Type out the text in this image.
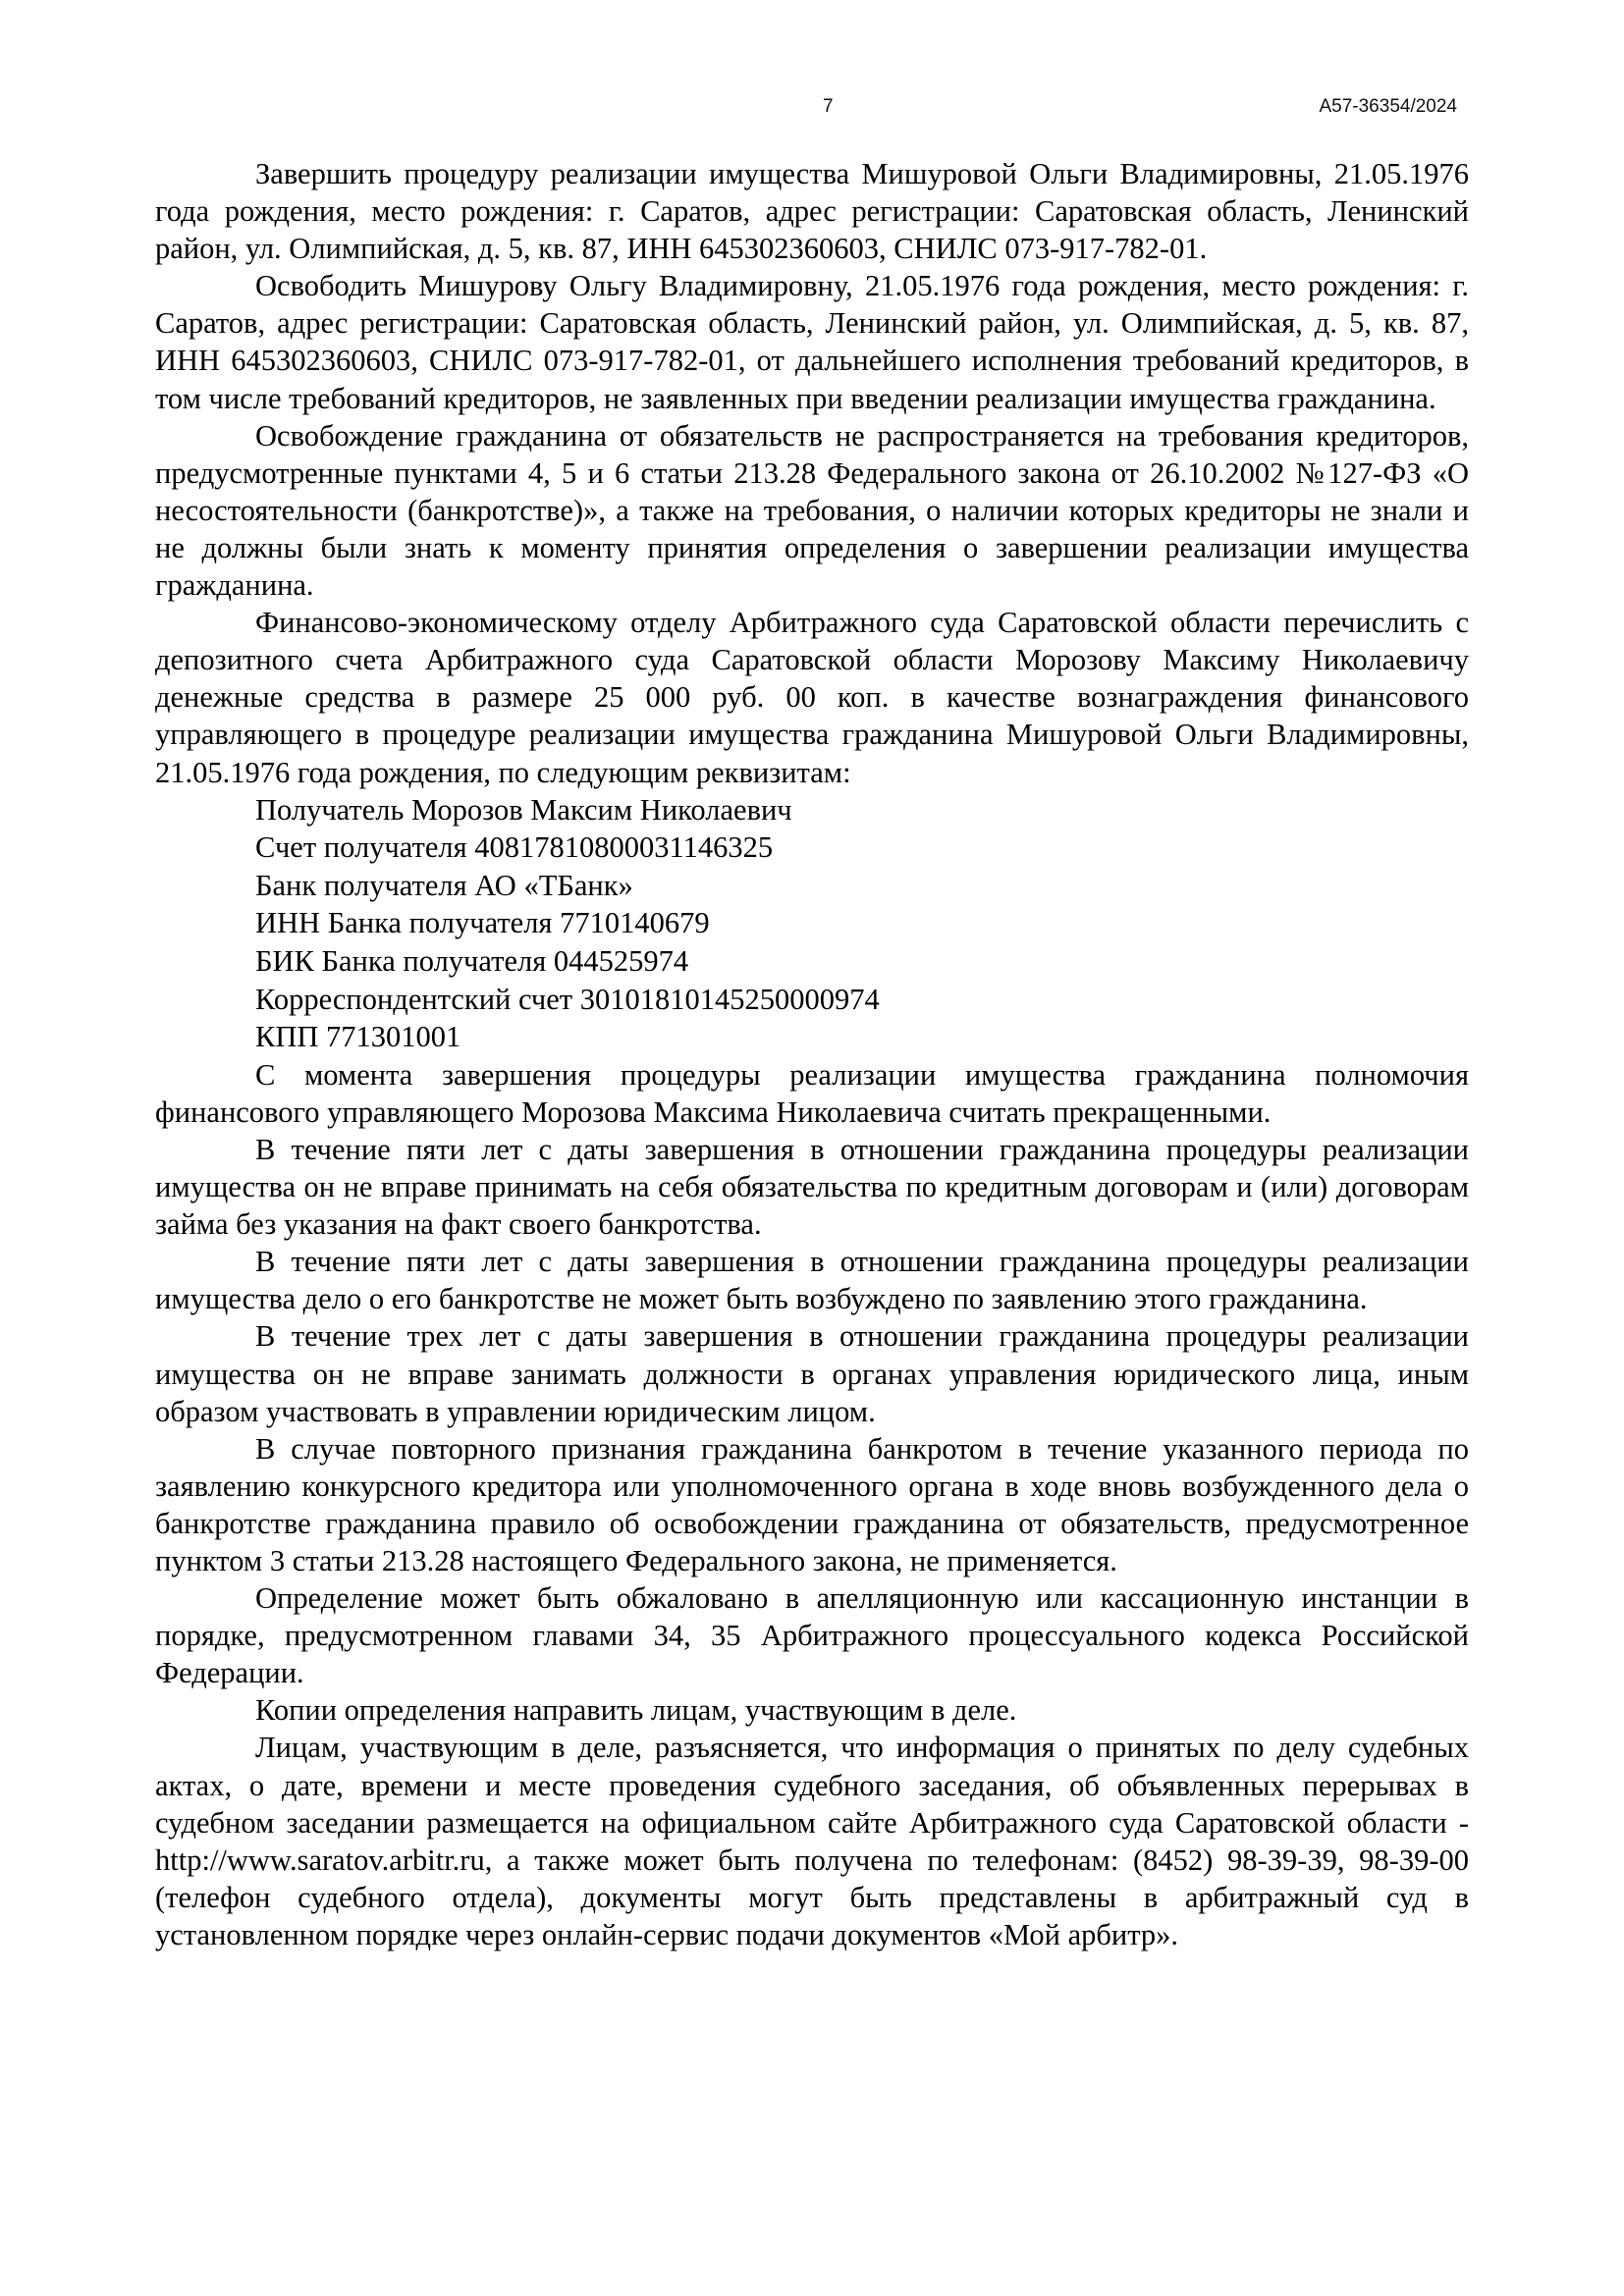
7	А57-36354/2024

Завершить процедуру реализации имущества Мишуровой Ольги Владимировны, 21.05.1976 года рождения, место рождения: г. Саратов, адрес регистрации: Саратовская область, Ленинский район, ул. Олимпийская, д. 5, кв. 87, ИНН 645302360603, СНИЛС 073-917-782-01.

Освободить Мишурову Ольгу Владимировну, 21.05.1976 года рождения, место рождения: г. Саратов, адрес регистрации: Саратовская область, Ленинский район, ул. Олимпийская, д. 5, кв. 87, ИНН 645302360603, СНИЛС 073-917-782-01, от дальнейшего исполнения требований кредиторов, в том числе требований кредиторов, не заявленных при введении реализации имущества гражданина.

Освобождение гражданина от обязательств не распространяется на требования кредиторов, предусмотренные пунктами 4, 5 и 6 статьи 213.28 Федерального закона от 26.10.2002 №127-ФЗ «О несостоятельности (банкротстве)», а также на требования, о наличии которых кредиторы не знали и не должны были знать к моменту принятия определения о завершении реализации имущества гражданина.

Финансово-экономическому отделу Арбитражного суда Саратовской области перечислить с депозитного счета Арбитражного суда Саратовской области Морозову Максиму Николаевичу денежные средства в размере 25 000 руб. 00 коп. в качестве вознаграждения финансового управляющего в процедуре реализации имущества гражданина Мишуровой Ольги Владимировны, 21.05.1976 года рождения, по следующим реквизитам:

Получатель Морозов Максим Николаевич

Счет получателя 40817810800031146325

Банк получателя АО «ТБанк»

ИНН Банка получателя 7710140679

БИК Банка получателя 044525974

Корреспондентский счет 30101810145250000974

КПП 771301001

С момента завершения процедуры реализации имущества гражданина полномочия финансового управляющего Морозова Максима Николаевича считать прекращенными.

В течение пяти лет с даты завершения в отношении гражданина процедуры реализации имущества он не вправе принимать на себя обязательства по кредитным договорам и (или) договорам займа без указания на факт своего банкротства.

В течение пяти лет с даты завершения в отношении гражданина процедуры реализации имущества дело о его банкротстве не может быть возбуждено по заявлению этого гражданина.

В течение трех лет с даты завершения в отношении гражданина процедуры реализации имущества он не вправе занимать должности в органах управления юридического лица, иным образом участвовать в управлении юридическим лицом.

В случае повторного признания гражданина банкротом в течение указанного периода по заявлению конкурсного кредитора или уполномоченного органа в ходе вновь возбужденного дела о банкротстве гражданина правило об освобождении гражданина от обязательств, предусмотренное пунктом 3 статьи 213.28 настоящего Федерального закона, не применяется.

Определение может быть обжаловано в апелляционную или кассационную инстанции в порядке, предусмотренном главами 34, 35 Арбитражного процессуального кодекса Российской Федерации.

Копии определения направить лицам, участвующим в деле.

Лицам, участвующим в деле, разъясняется, что информация о принятых по делу судебных актах, о дате, времени и месте проведения судебного заседания, об объявленных перерывах в судебном заседании размещается на официальном сайте Арбитражного суда Саратовской области - http://www.saratov.arbitr.ru, а также может быть получена по телефонам: (8452) 98-39-39, 98-39-00 (телефон судебного отдела), документы могут быть представлены в арбитражный суд в установленном порядке через онлайн-сервис подачи документов «Мой арбитр».
